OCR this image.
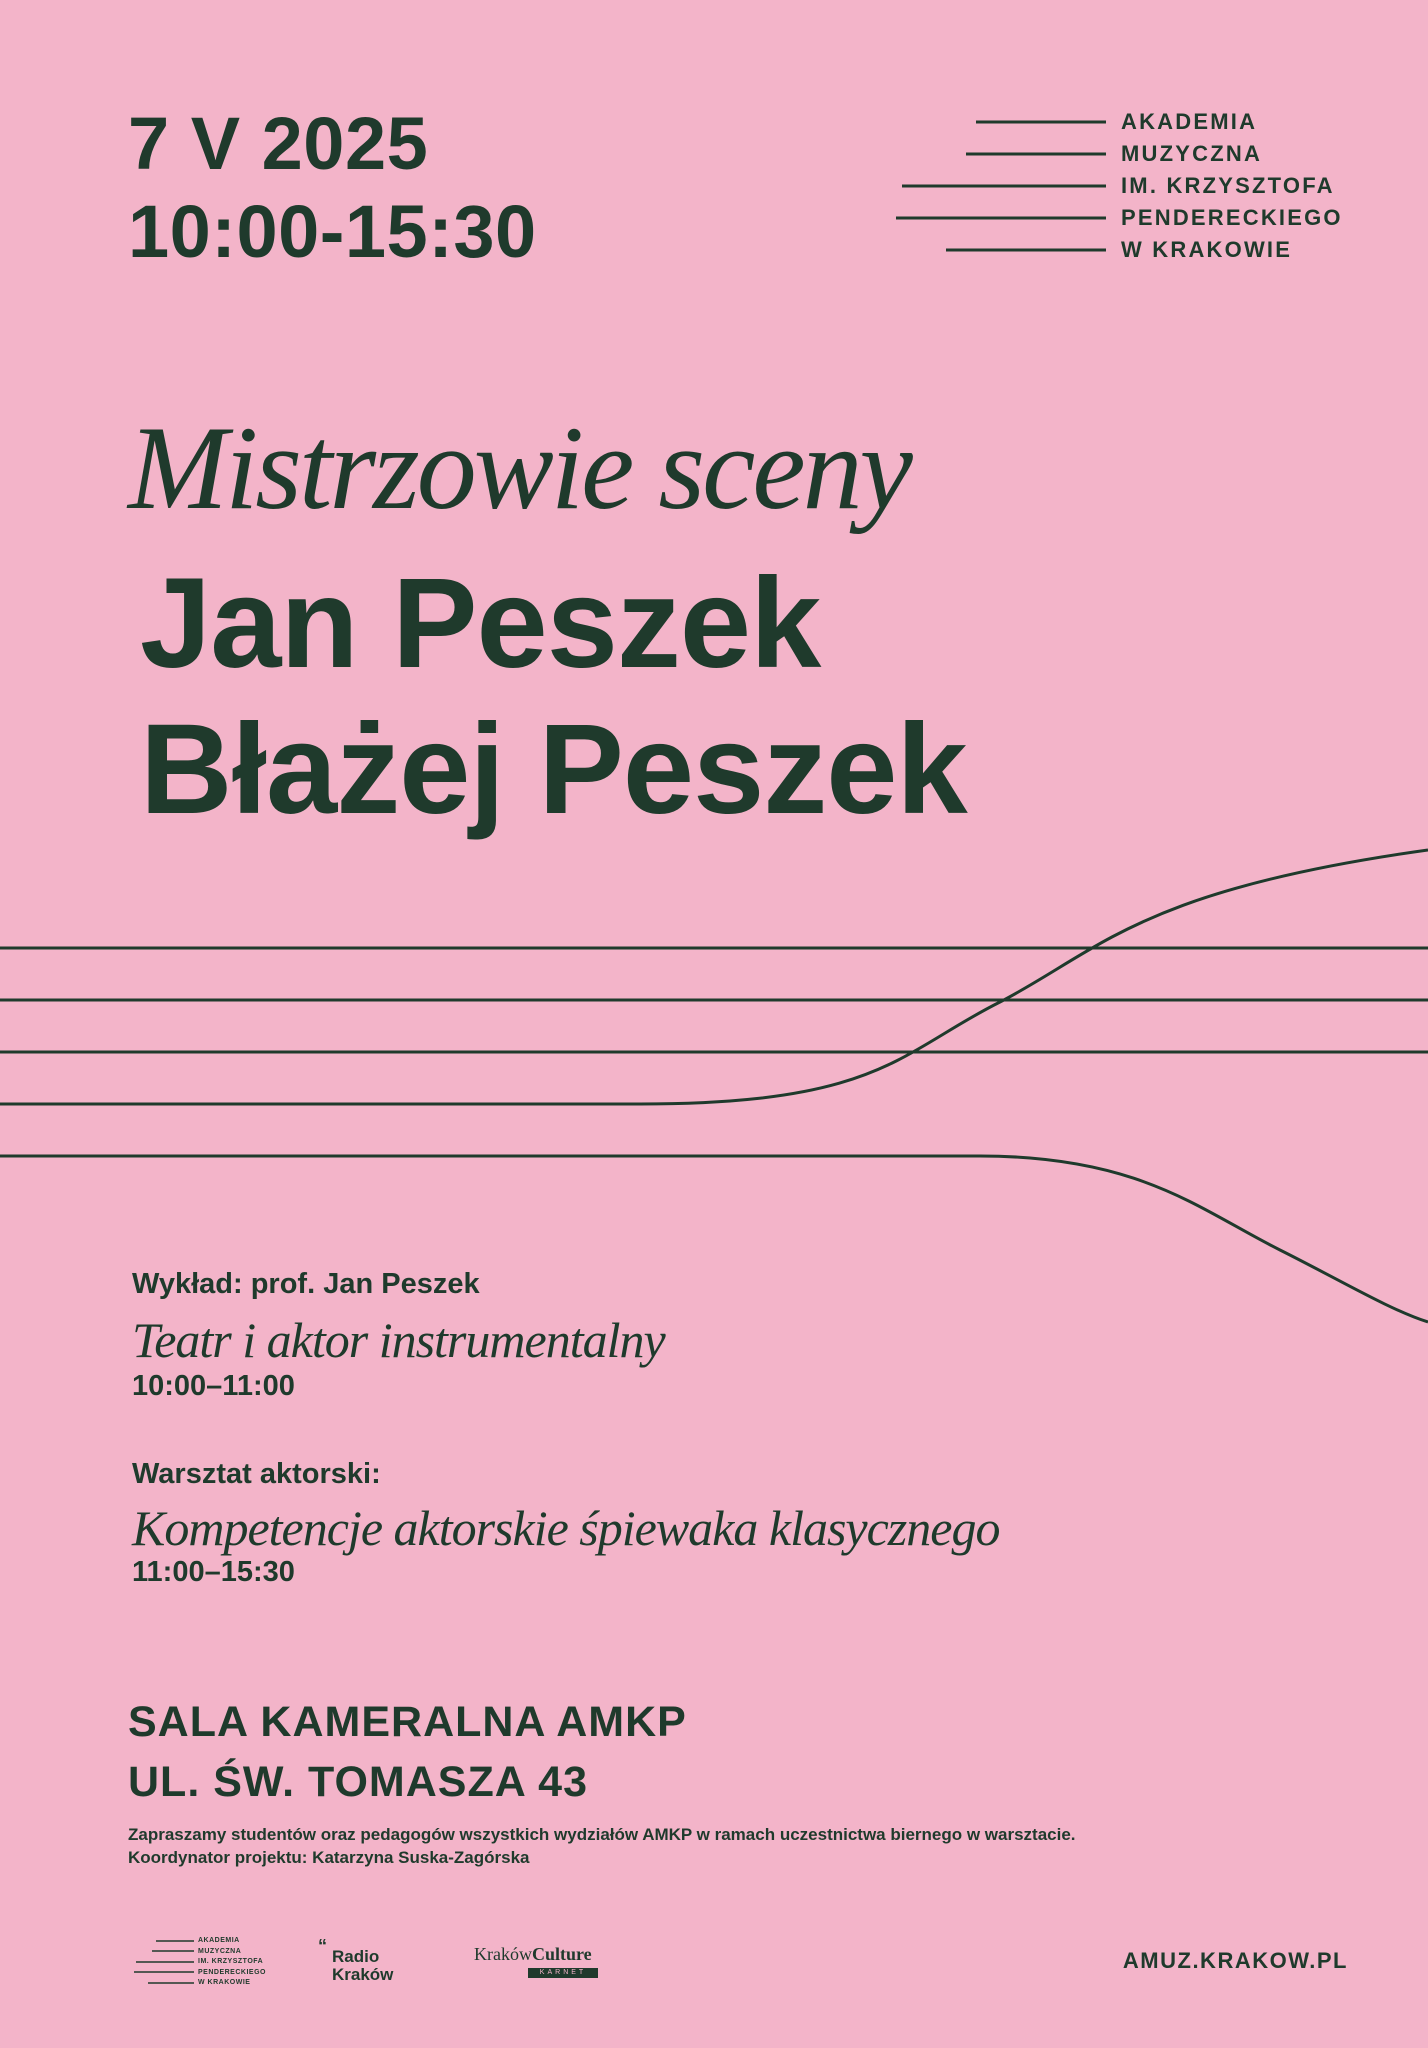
7 V 2025
10:00-15:30
AKADEMIA
MUZYCZNA
IM. KRZYSZTOFA
PENDERECKIEGO
W KRAKOWIE
Mistrzowie sceny
Jan Peszek
Błażej Peszek
Wykład: prof. Jan Peszek
Teatr i aktor instrumentalny
10:00–11:00
Warsztat aktorski:
Kompetencje aktorskie śpiewaka klasycznego
11:00–15:30
SALA KAMERALNA AMKP
UL. ŚW. TOMASZA 43
Zapraszamy studentów oraz pedagogów wszystkich wydziałów AMKP w ramach uczestnictwa biernego w warsztacie.
Koordynator projektu: Katarzyna Suska-Zagórska
AKADEMIA
MUZYCZNA
IM. KRZYSZTOFA
PENDERECKIEGO
W KRAKOWIE
“
Radio
Kraków
KrakówCulture
KARNET	AMUZ.KRAKOW.PL
